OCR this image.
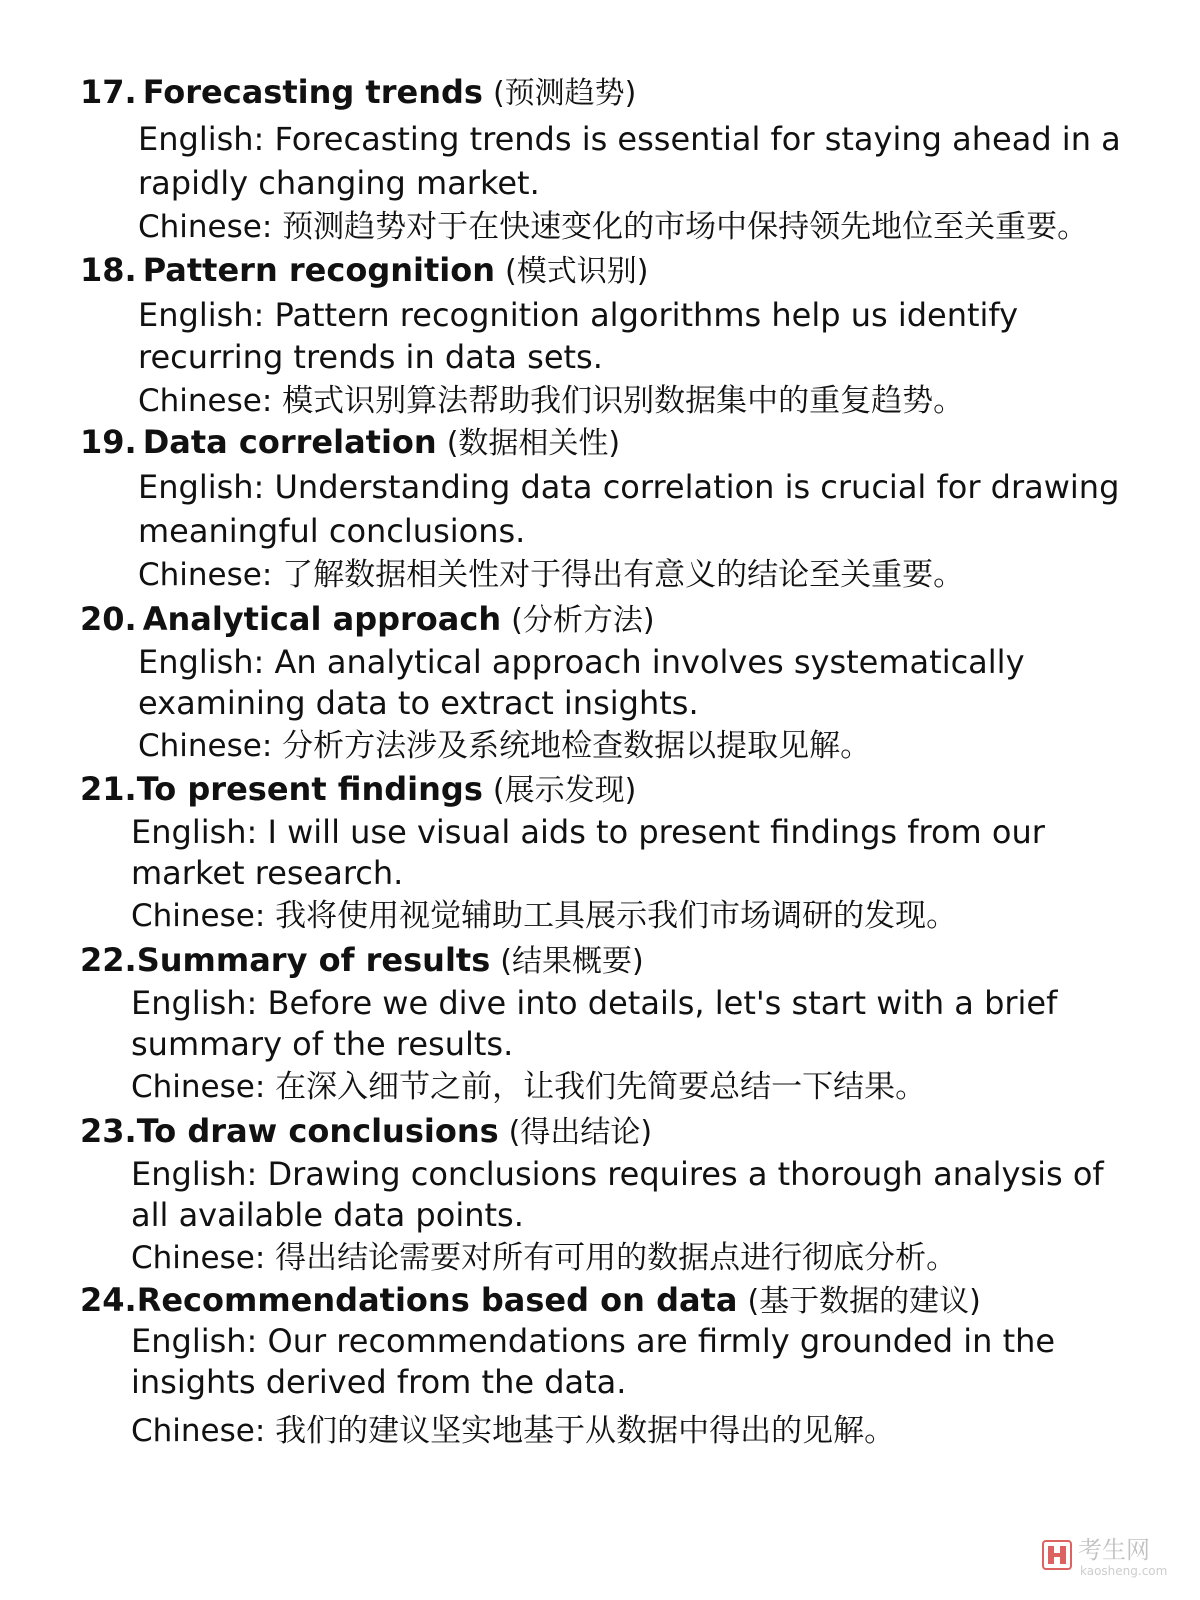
17. Forecasting trends (预测趋势)
English: Forecasting trends is essential for staying ahead in a
rapidly changing market.
Chinese: 预测趋势对于在快速变化的市场中保持领先地位至关重要。
18. Pattern recognition (模式识别)
English: Pattern recognition algorithms help us identify
recurring trends in data sets.
Chinese: 模式识别算法帮助我们识别数据集中的重复趋势。
19. Data correlation (数据相关性)
English: Understanding data correlation is crucial for drawing
meaningful conclusions.
Chinese: 了解数据相关性对于得出有意义的结论至关重要。
20. Analytical approach (分析方法)
English: An analytical approach involves systematically
examining data to extract insights.
Chinese: 分析方法涉及系统地检查数据以提取见解。
21.To present findings (展示发现)
English: I will use visual aids to present findings from our
market research.
Chinese: 我将使用视觉辅助工具展示我们市场调研的发现。
22.Summary of results (结果概要)
English: Before we dive into details, let's start with a brief
summary of the results.
Chinese: 在深入细节之前，让我们先简要总结一下结果。
23.To draw conclusions (得出结论)
English: Drawing conclusions requires a thorough analysis of
all available data points.
Chinese: 得出结论需要对所有可用的数据点进行彻底分析。
24.Recommendations based on data (基于数据的建议)
English: Our recommendations are firmly grounded in the
insights derived from the data.
Chinese: 我们的建议坚实地基于从数据中得出的见解。
考生网
kaosheng.com
